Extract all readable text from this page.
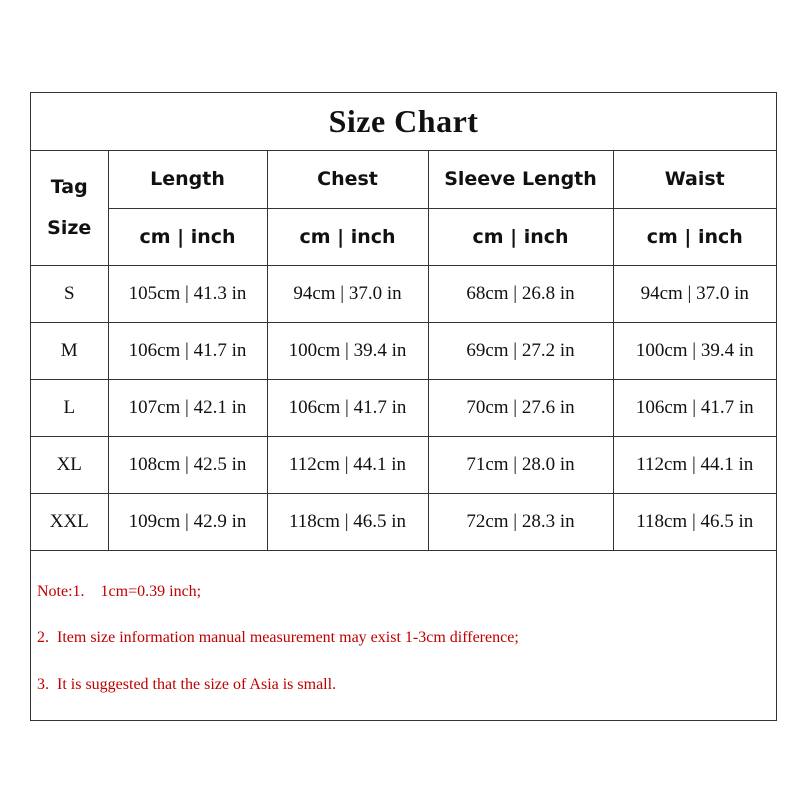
Size Chart
Tag
Size	Length	Chest	Sleeve Length	Waist
	cm | inch	cm | inch	cm | inch	cm | inch
S	105cm | 41.3 in	94cm | 37.0 in	68cm | 26.8 in	94cm | 37.0 in
M	106cm | 41.7 in	100cm | 39.4 in	69cm | 27.2 in	100cm | 39.4 in
L	107cm | 42.1 in	106cm | 41.7 in	70cm | 27.6 in	106cm | 41.7 in
XL	108cm | 42.5 in	112cm | 44.1 in	71cm | 28.0 in	112cm | 44.1 in
XXL	109cm | 42.9 in	118cm | 46.5 in	72cm | 28.3 in	118cm | 46.5 in
Note:1.    1cm=0.39 inch;
2.  Item size information manual measurement may exist 1-3cm difference;
3.  It is suggested that the size of Asia is small.
